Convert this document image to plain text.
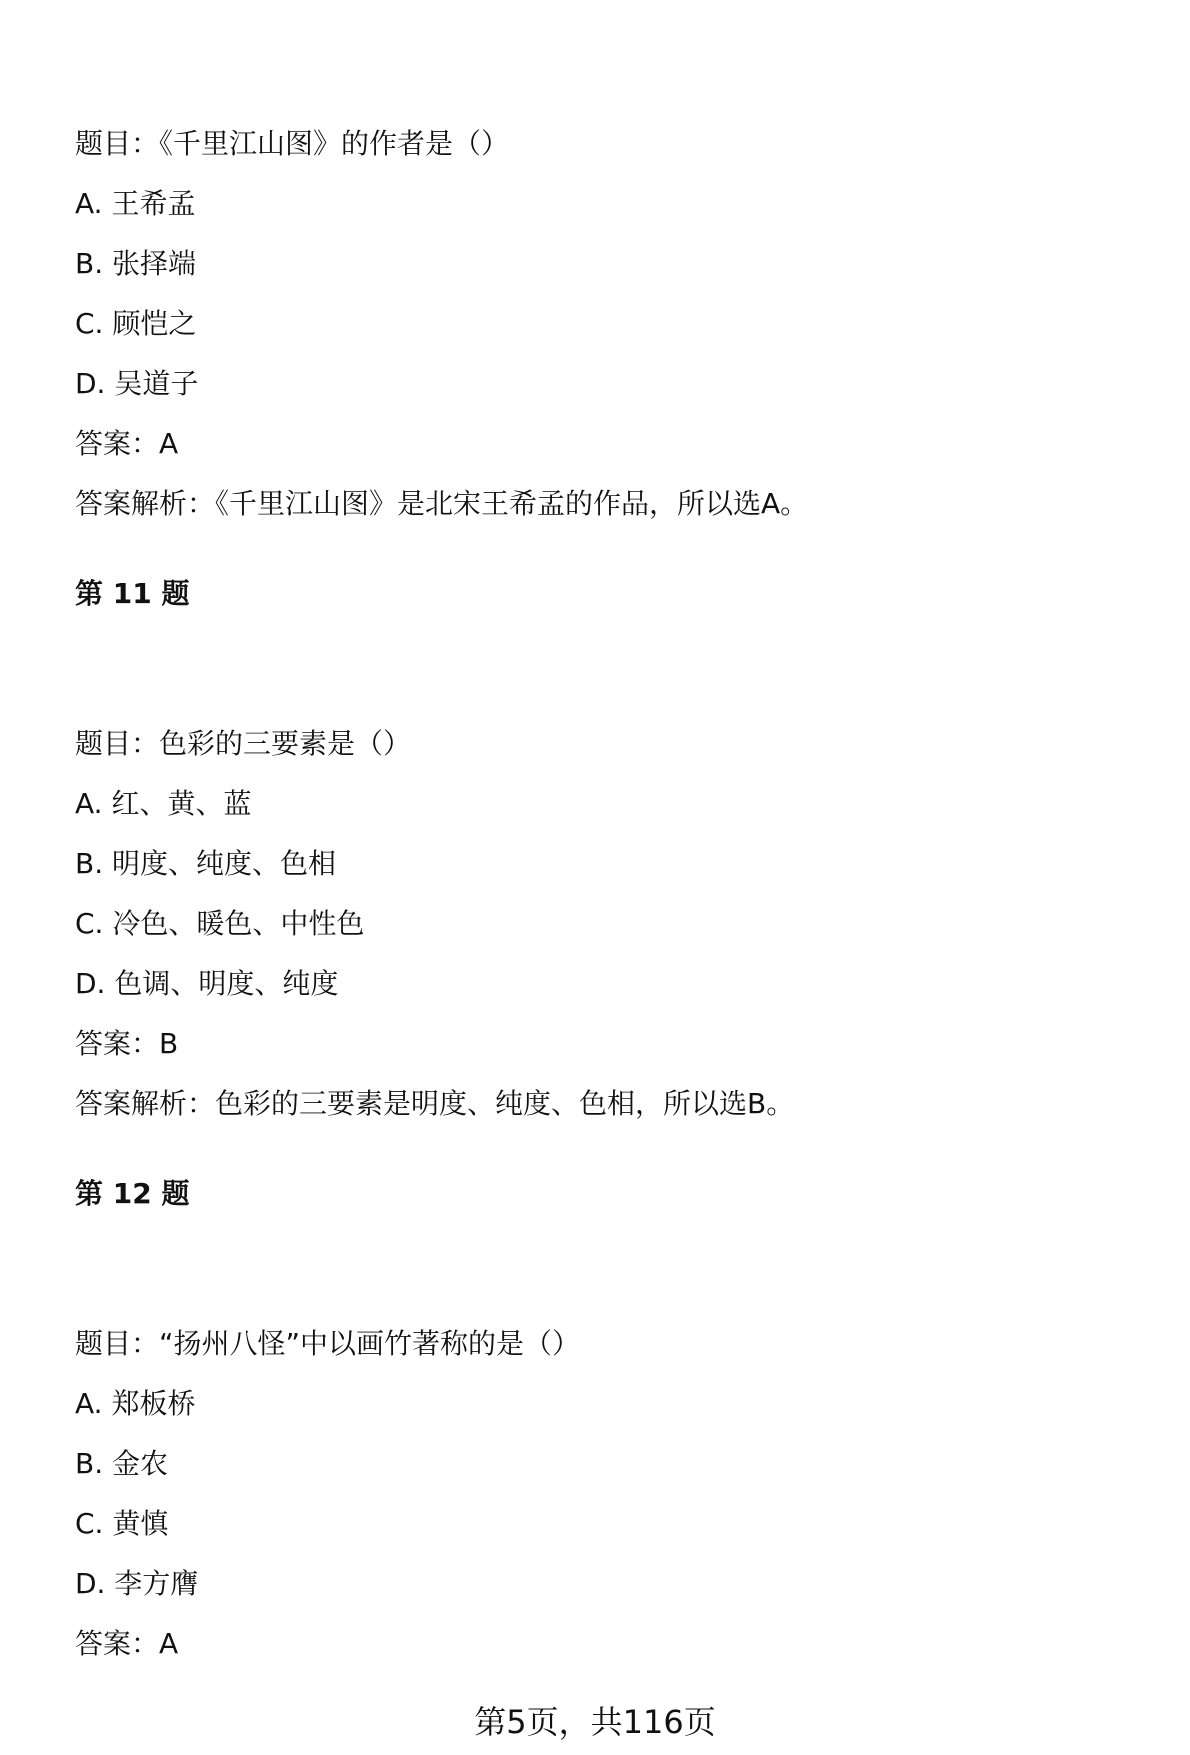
题目：《千里江山图》的作者是（）
A. 王希孟
B. 张择端
C. 顾恺之
D. 吴道子
答案：A
答案解析：《千里江山图》是北宋王希孟的作品，所以选A。
第 11 题
题目：色彩的三要素是（）
A. 红、黄、蓝
B. 明度、纯度、色相
C. 冷色、暖色、中性色
D. 色调、明度、纯度
答案：B
答案解析：色彩的三要素是明度、纯度、色相，所以选B。
第 12 题
题目：“扬州八怪”中以画竹著称的是（）
A. 郑板桥
B. 金农
C. 黄慎
D. 李方膺
答案：A
第5页，共116页
